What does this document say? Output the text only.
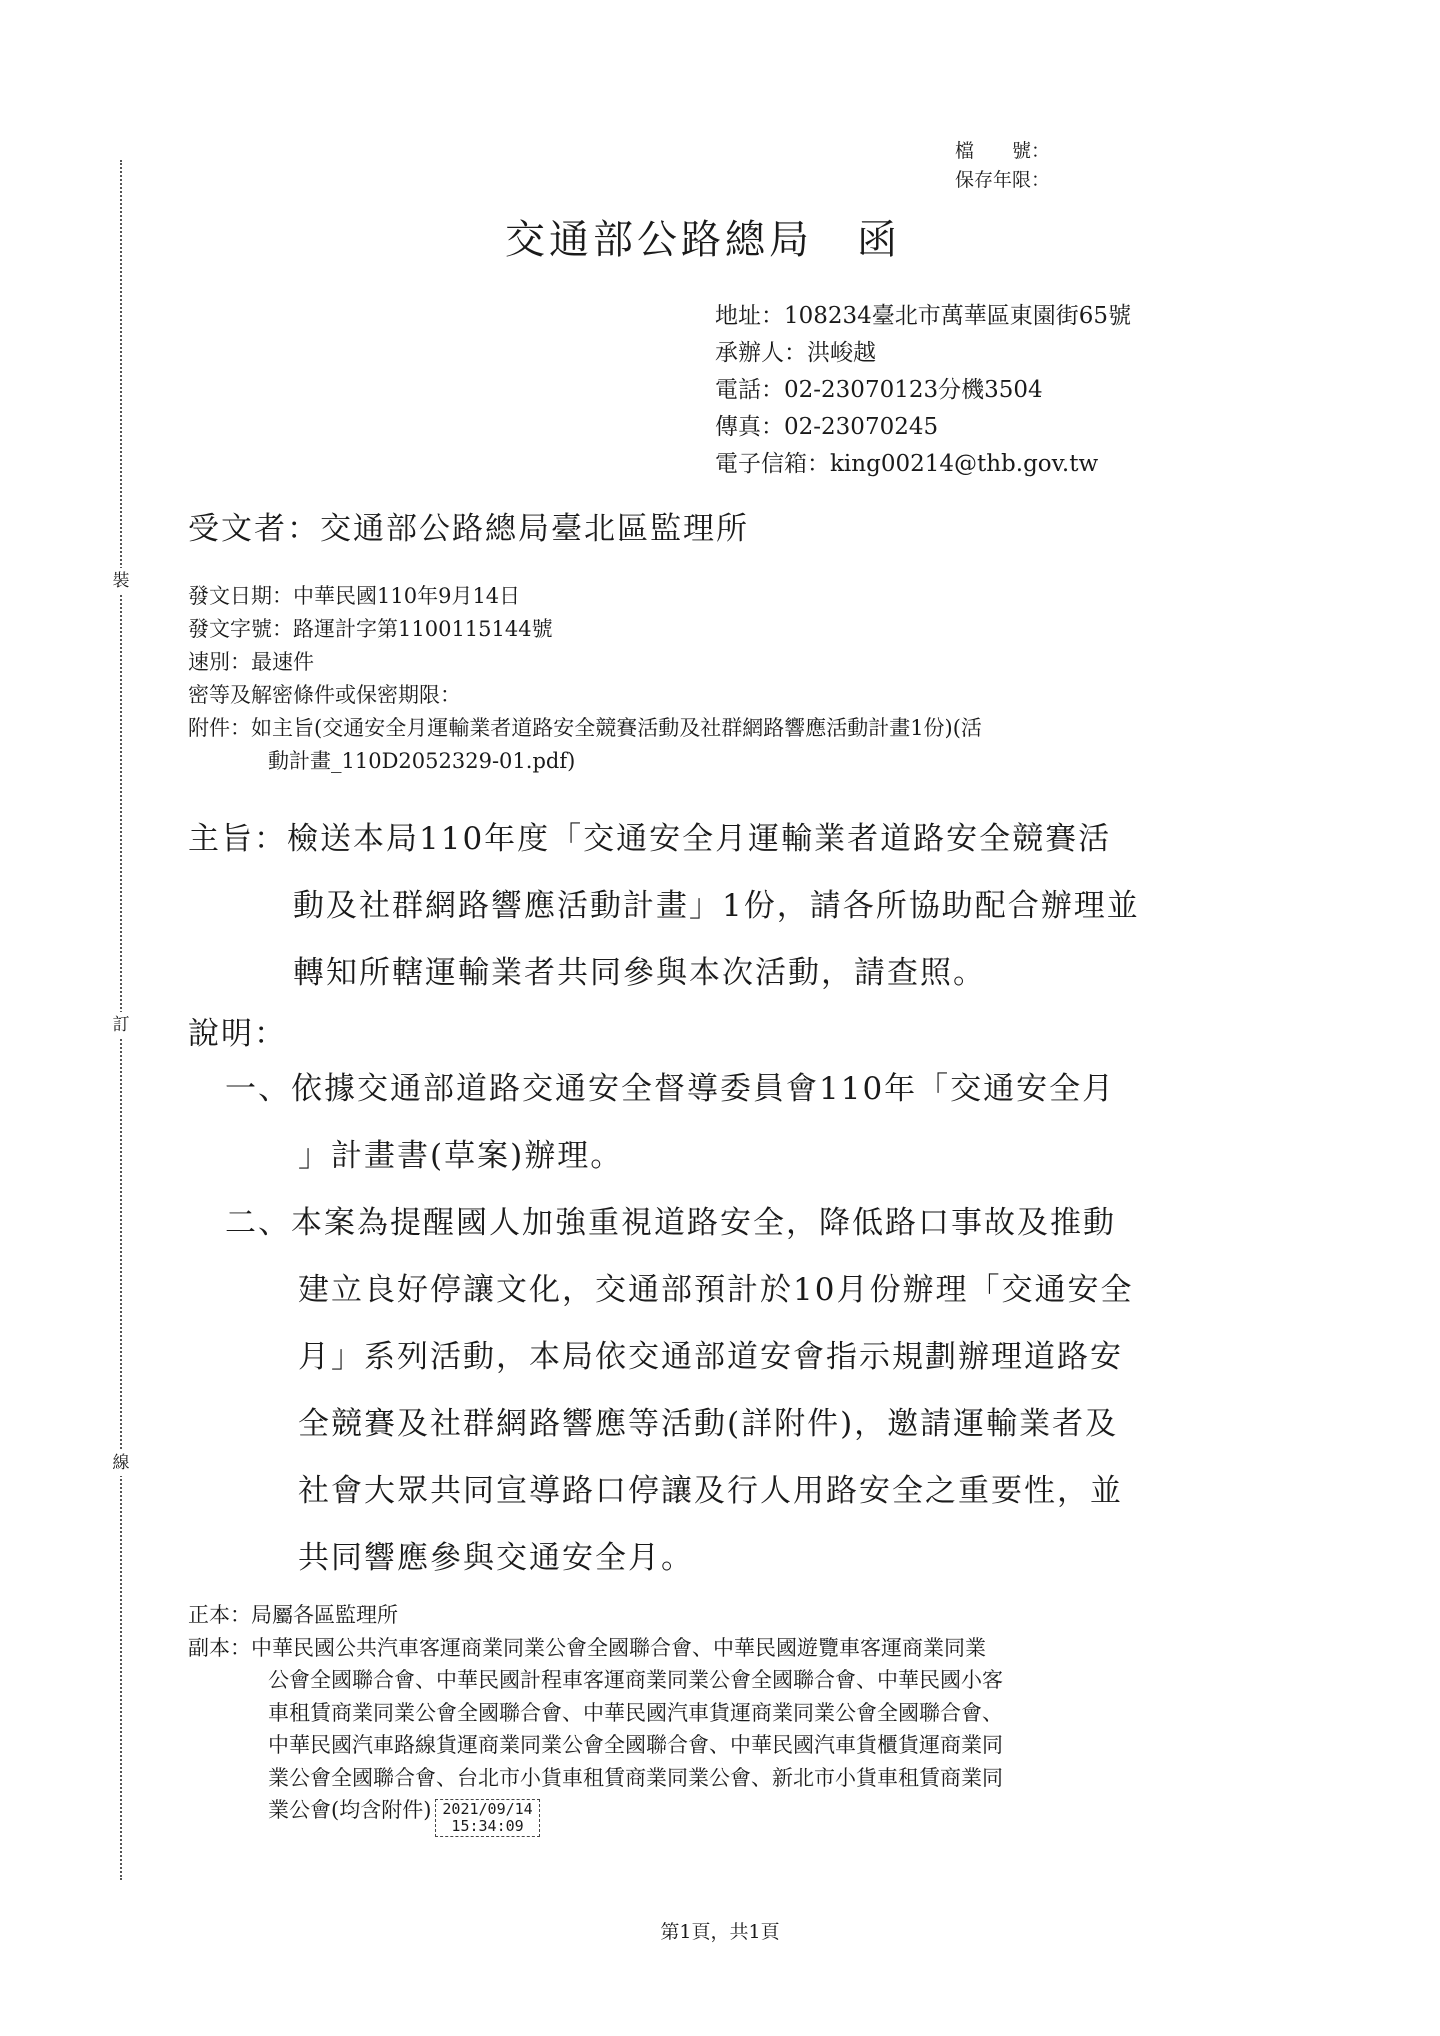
裝
訂
線
檔　　號：
保存年限：
交通部公路總局　函
地址：108234臺北市萬華區東園街65號
承辦人：洪峻越
電話：02-23070123分機3504
傳真：02-23070245
電子信箱：king00214@thb.gov.tw
受文者：交通部公路總局臺北區監理所
發文日期：中華民國110年9月14日
發文字號：路運計字第1100115144號
速別：最速件
密等及解密條件或保密期限：
附件：如主旨(交通安全月運輸業者道路安全競賽活動及社群網路響應活動計畫1份)(活
動計畫_110D2052329-01.pdf)
主旨：檢送本局110年度「交通安全月運輸業者道路安全競賽活
動及社群網路響應活動計畫」1份，請各所協助配合辦理並
轉知所轄運輸業者共同參與本次活動，請查照。
說明：
一、依據交通部道路交通安全督導委員會110年「交通安全月
」計畫書(草案)辦理。
二、本案為提醒國人加強重視道路安全，降低路口事故及推動
建立良好停讓文化，交通部預計於10月份辦理「交通安全
月」系列活動，本局依交通部道安會指示規劃辦理道路安
全競賽及社群網路響應等活動(詳附件)，邀請運輸業者及
社會大眾共同宣導路口停讓及行人用路安全之重要性，並
共同響應參與交通安全月。
正本：局屬各區監理所
副本：中華民國公共汽車客運商業同業公會全國聯合會、中華民國遊覽車客運商業同業
公會全國聯合會、中華民國計程車客運商業同業公會全國聯合會、中華民國小客
車租賃商業同業公會全國聯合會、中華民國汽車貨運商業同業公會全國聯合會、
中華民國汽車路線貨運商業同業公會全國聯合會、中華民國汽車貨櫃貨運商業同
業公會全國聯合會、台北市小貨車租賃商業同業公會、新北市小貨車租賃商業同
業公會(均含附件) 2021/09/14
15:34:09
第1頁，共1頁
